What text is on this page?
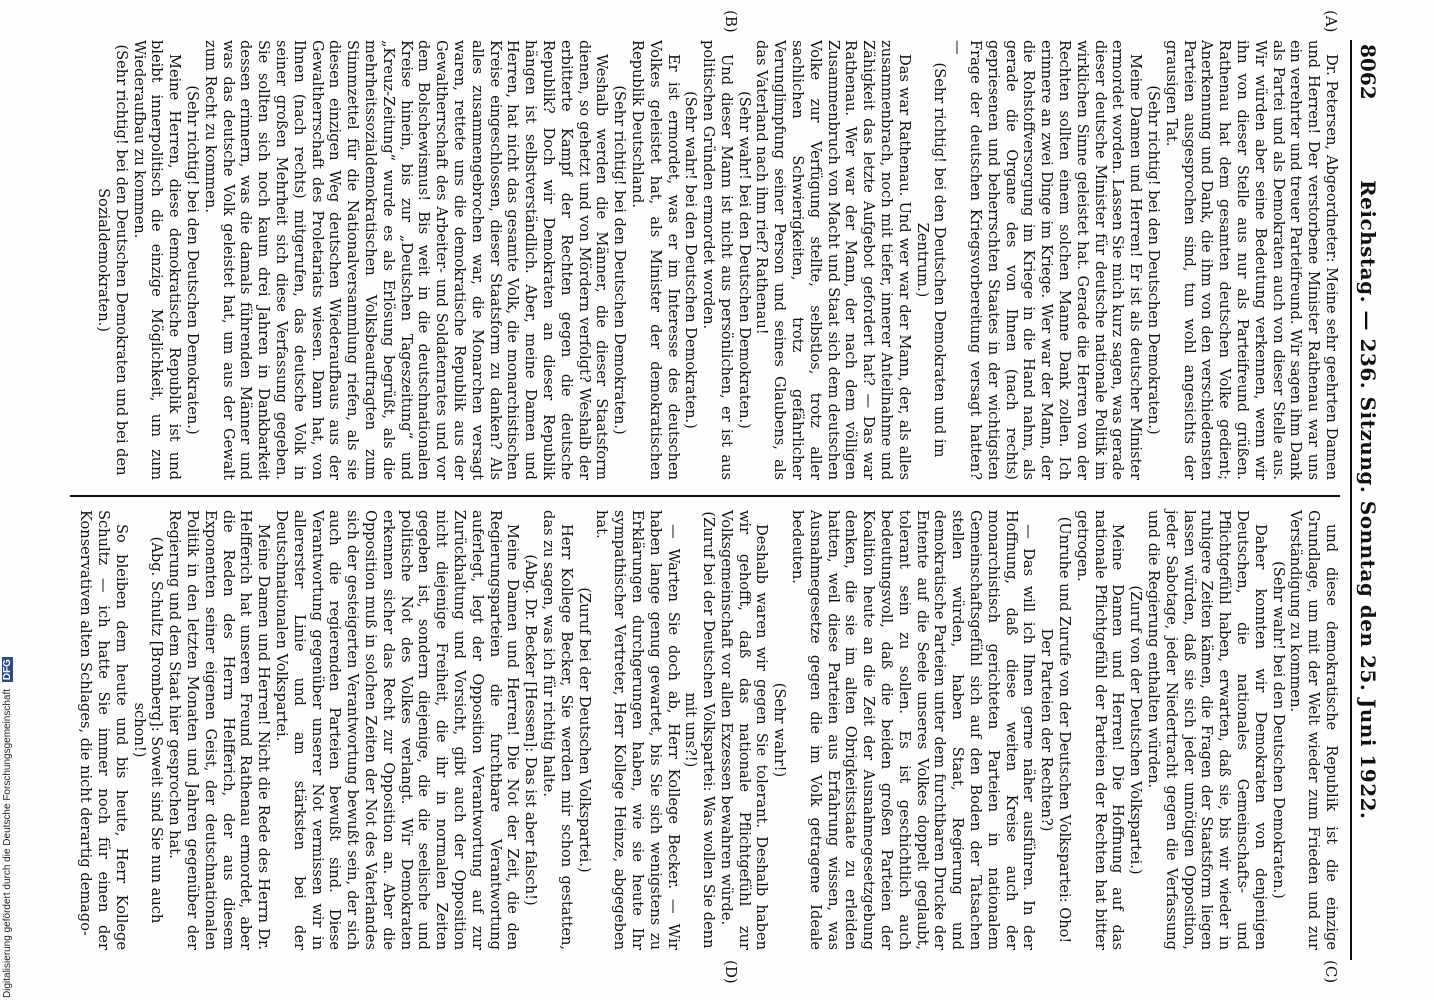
8062
Reichstag. — 236. Sitzung. Sonntag den 25. Juni 1922.

Dr. Petersen, Abgeordneter: Meine sehr geehrten Damen und Herren! Der verstorbene Minister Rathenau war uns ein verehrter und treuer Parteifreund. Wir sagen ihm Dank als Partei und als Demokraten auch von dieser Stelle aus. Wir würden aber seine Bedeutung verkennen, wenn wir ihn von dieser Stelle aus nur als Parteifreund grüßen. Rathenau hat dem gesamten deutschen Volke gedient; Anerkennung und Dank, die ihm von den verschiedensten Parteien ausgesprochen sind, tun wohl angesichts der grausigen Tat.

(Sehr richtig! bei den Deutschen Demokraten.)

Meine Damen und Herren! Er ist als deutscher Minister ermordet worden. Lassen Sie mich kurz sagen, was gerade dieser deutsche Minister für deutsche nationale Politik im wirklichen Sinne geleistet hat. Gerade die Herren von der Rechten sollten einem solchen Manne Dank zollen. Ich erinnere an zwei Dinge im Kriege. Wer war der Mann, der die Rohstoffversorgung im Kriege in die Hand nahm, als gerade die Organe des von Ihnen (nach rechts) gepriesenen und beherrschten Staates in der wichtigsten Frage der deutschen Kriegsvorbereitung versagt hatten? —

(Sehr richtig! bei den Deutschen Demokraten und im Zentrum.)

Das war Rathenau. Und wer war der Mann, der, als alles zusammenbrach, noch mit tiefer, innerer Anteilnahme und Zähigkeit das letzte Aufgebot gefordert hat? — Das war Rathenau. Wer war der Mann, der nach dem völligen Zusammenbruch von Macht und Staat sich dem deutschen Volke zur Verfügung stellte, selbstlos, trotz aller sachlichen Schwierigkeiten, trotz gefährlicher Verunglimpfung seiner Person und seines Glaubens, als das Vaterland nach ihm rief? Rathenau!

(Sehr wahr! bei den Deutschen Demokraten.)

Und dieser Mann ist nicht aus persönlichen, er ist aus politischen Gründen ermordet worden.

(Sehr wahr! bei den Deutschen Demokraten.)

Er ist ermordet, was er im Interesse des deutschen Volkes geleistet hat, als Minister der demokratischen Republik Deutschland.

(Sehr richtig! bei den Deutschen Demokraten.)

Weshalb werden die Männer, die dieser Staatsform dienen, so gehetzt und von Mördern verfolgt? Weshalb der erbitterte Kampf der Rechten gegen die deutsche Republik? Doch wir Demokraten an dieser Republik hängen ist selbstverständlich. Aber, meine Damen und Herren, hat nicht das gesamte Volk, die monarchistischen Kreise eingeschlossen, dieser Staatsform zu danken? Als alles zusammengebrochen war, die Monarchen versagt waren, rettete uns die demokratische Republik aus der Gewaltherrschaft des Arbeiter- und Soldatenrates und vor dem Bolschewismus! Bis weit in die deutschnationalen Kreise hinein, bis zur „Deutschen Tageszeitung“ und „Kreuz-Zeitung“ wurde es als Erlösung begrüßt, als die mehrheitssozialdemokratischen Volksbeauftragten zum Stimmzettel für die Nationalversammlung riefen, als sie diesen einzigen Weg deutschen Wiederaufbaus aus der Gewaltherrschaft des Proletariats wiesen. Dann hat, von Ihnen (nach rechts) mitgerufen, das deutsche Volk in seiner großen Mehrheit sich diese Verfassung gegeben. Sie sollten sich noch kaum drei Jahren in Dankbarkeit dessen erinnern, was die damals führenden Männer und was das deutsche Volk geleistet hat, um aus der Gewalt zum Recht zu kommen.

(Sehr richtig! bei den Deutschen Demokraten.)

Meine Herren, diese demokratische Republik ist und bleibt innerpolitisch die einzige Möglichkeit, um zum Wiederaufbau zu kommen.

(Sehr richtig! bei den Deutschen Demokraten und bei den Sozialdemokraten.)

und diese demokratische Republik ist die einzige Grundlage, um mit der Welt wieder zum Frieden und zur Verständigung zu kommen.

(Sehr wahr! bei den Deutschen Demokraten.)

Daher konnten wir Demokraten von denjenigen Deutschen, die nationales Gemeinschafts- und Pflichtgefühl haben, erwarten, daß sie, bis wir wieder in ruhigere Zeiten kämen, die Fragen der Staatsform liegen lassen würden, daß sie sich jeder unnötigen Opposition, jeder Sabotage, jeder Niedertracht gegen die Verfassung und die Regierung enthalten würden.

(Zuruf von der Deutschen Volkspartei.)

Meine Damen und Herren! Die Hoffnung auf das nationale Pflichtgefühl der Parteien der Rechten hat bitter getrogen.

(Unruhe und Zurufe von der Deutschen Volkspartei: Oho! Der Parteien der Rechten?)

— Das will ich Ihnen gerne näher ausführen. In der Hoffnung, daß diese weiten Kreise auch der monarchistisch gerichteten Parteien in nationalem Gemeinschaftsgefühl sich auf den Boden der Tatsachen stellen würden, haben Staat, Regierung und demokratische Parteien unter dem furchtbaren Drucke der Entente auf die Seele unseres Volkes doppelt geglaubt, tolerant sein zu sollen. Es ist geschichtlich auch bedeutungsvoll, daß die beiden großen Parteien der Koalition heute an die Zeit der Ausnahmegesetzgebung denken, die sie im alten Obrigkeitsstaate zu erleiden hatten, weil diese Parteien aus Erfahrung wissen, was Ausnahmegesetze gegen die im Volk getragene Ideale bedeuten.

(Sehr wahr!)

Deshalb waren wir gegen Sie tolerant. Deshalb haben wir gehofft, daß das nationale Pflichtgefühl zur Volksgemeinschaft vor allen Exzessen bewahren würde.

(Zuruf bei der Deutschen Volkspartei: Was wollen Sie denn mit uns?!)

— Warten Sie doch ab, Herr Kollege Becker. — Wir haben lange genug gewartet, bis Sie sich wenigstens zu Erklärungen durchgerungen haben, wie sie heute Ihr sympathischer Vertreter, Herr Kollege Heinze, abgegeben hat.

(Zuruf bei der Deutschen Volkspartei.)

Herr Kollege Becker, Sie werden mir schon gestatten, das zu sagen, was ich für richtig halte.

(Abg. Dr. Becker [Hessen]: Das ist aber falsch!)

Meine Damen und Herren! Die Not der Zeit, die den Regierungsparteien die furchtbare Verantwortung auferlegt, legt der Opposition Verantwortung auf zur Zurückhaltung und Vorsicht, gibt auch der Opposition nicht diejenige Freiheit, die ihr in normalen Zeiten gegeben ist, sondern diejenige, die die seelische und politische Not des Volkes verlangt. Wir Demokraten erkennen sicher das Recht zur Opposition an. Aber die Opposition muß in solchen Zeiten der Not des Vaterlandes sich der gesteigerten Verantwortung bewußt sein, der sich auch die regierenden Parteien bewußt sind. Diese Verantwortung gegenüber unserer Not vermissen wir in allererster Linie und am stärksten bei der Deutschnationalen Volkspartei.

Meine Damen und Herren! Nicht die Rede des Herrn Dr. Helfferich hat unseren Freund Rathenau ermordet, aber die Reden des Herrn Helfferich, der aus diesem Exponenten seiner eigenen Geist, der deutschnationalen Politik in den letzten Monaten und Jahren gegenüber der Regierung und dem Staat hier gesprochen hat.

(Abg. Schultz [Bromberg]: Soweit sind Sie nun auch schon!)

So bleiben dem heute und bis heute, Herr Kollege Schultz — ich hatte Sie immer noch für einen der Konservativen alten Schlages, die nicht derartig demago-

(A)
(B)
(C)
(D)
Digitalisierung gefördert durch die Deutsche Forschungsgemeinschaft DFG
